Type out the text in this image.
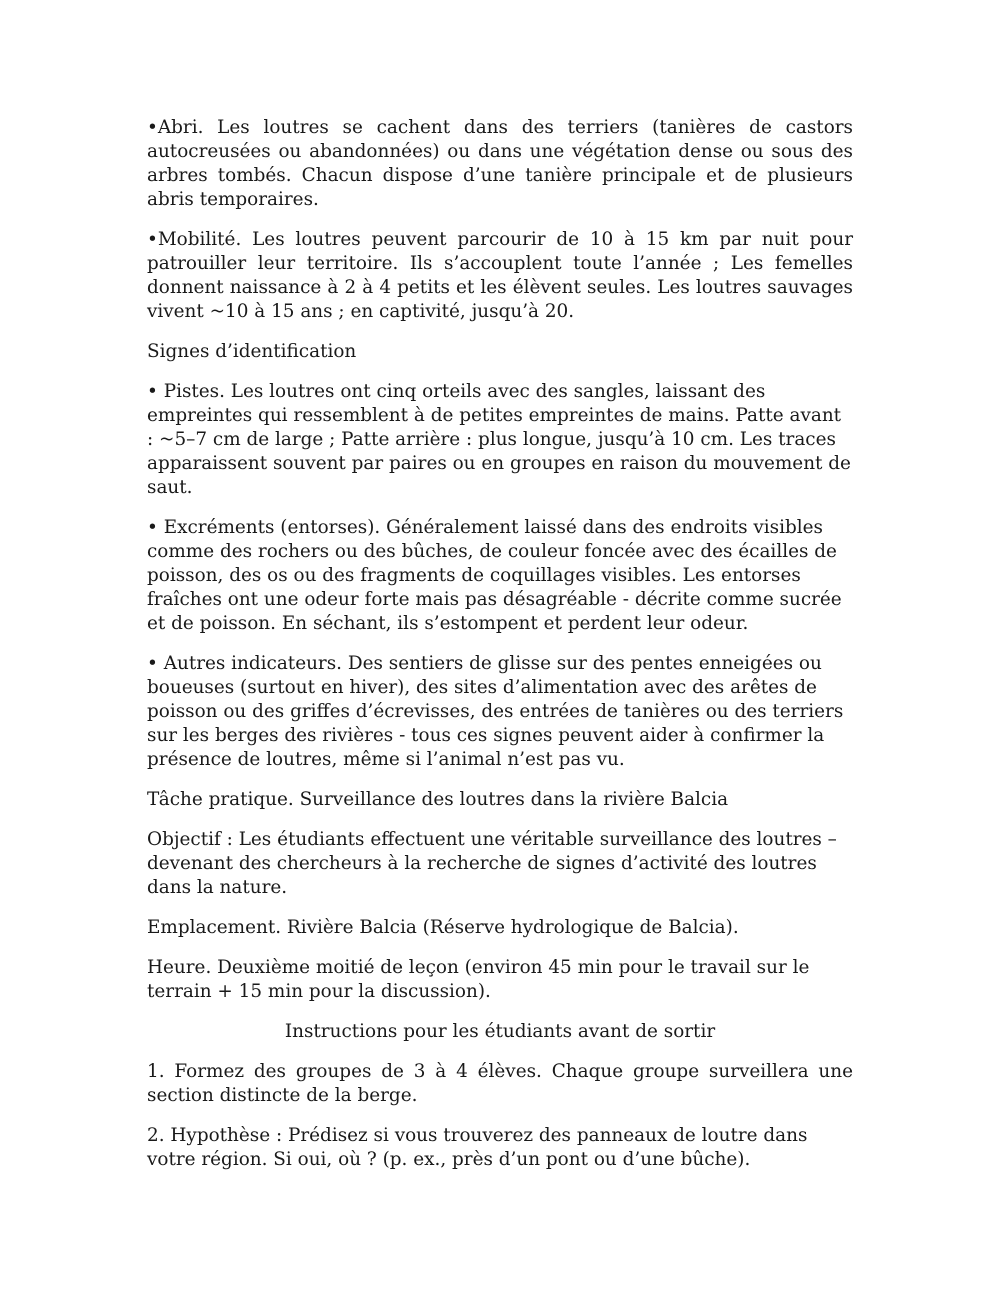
•Abri. Les loutres se cachent dans des terriers (tanières de castors autocreusées ou abandonnées) ou dans une végétation dense ou sous des arbres tombés. Chacun dispose d’une tanière principale et de plusieurs abris temporaires.

•Mobilité. Les loutres peuvent parcourir de 10 à 15 km par nuit pour patrouiller leur territoire. Ils s’accouplent toute l’année ; Les femelles donnent naissance à 2 à 4 petits et les élèvent seules. Les loutres sauvages vivent ~10 à 15 ans ; en captivité, jusqu’à 20.

Signes d’identification

• Pistes. Les loutres ont cinq orteils avec des sangles, laissant des empreintes qui ressemblent à de petites empreintes de mains. Patte avant : ~5–7 cm de large ; Patte arrière : plus longue, jusqu’à 10 cm. Les traces apparaissent souvent par paires ou en groupes en raison du mouvement de saut.

• Excréments (entorses). Généralement laissé dans des endroits visibles comme des rochers ou des bûches, de couleur foncée avec des écailles de poisson, des os ou des fragments de coquillages visibles. Les entorses fraîches ont une odeur forte mais pas désagréable - décrite comme sucrée et de poisson. En séchant, ils s’estompent et perdent leur odeur.

• Autres indicateurs. Des sentiers de glisse sur des pentes enneigées ou boueuses (surtout en hiver), des sites d’alimentation avec des arêtes de poisson ou des griffes d’écrevisses, des entrées de tanières ou des terriers sur les berges des rivières - tous ces signes peuvent aider à confirmer la présence de loutres, même si l’animal n’est pas vu.

Tâche pratique. Surveillance des loutres dans la rivière Balcia

Objectif : Les étudiants effectuent une véritable surveillance des loutres – devenant des chercheurs à la recherche de signes d’activité des loutres dans la nature.

Emplacement. Rivière Balcia (Réserve hydrologique de Balcia).

Heure. Deuxième moitié de leçon (environ 45 min pour le travail sur le terrain + 15 min pour la discussion).

Instructions pour les étudiants avant de sortir

1. Formez des groupes de 3 à 4 élèves. Chaque groupe surveillera une section distincte de la berge.

2. Hypothèse : Prédisez si vous trouverez des panneaux de loutre dans votre région. Si oui, où ? (p. ex., près d’un pont ou d’une bûche).
